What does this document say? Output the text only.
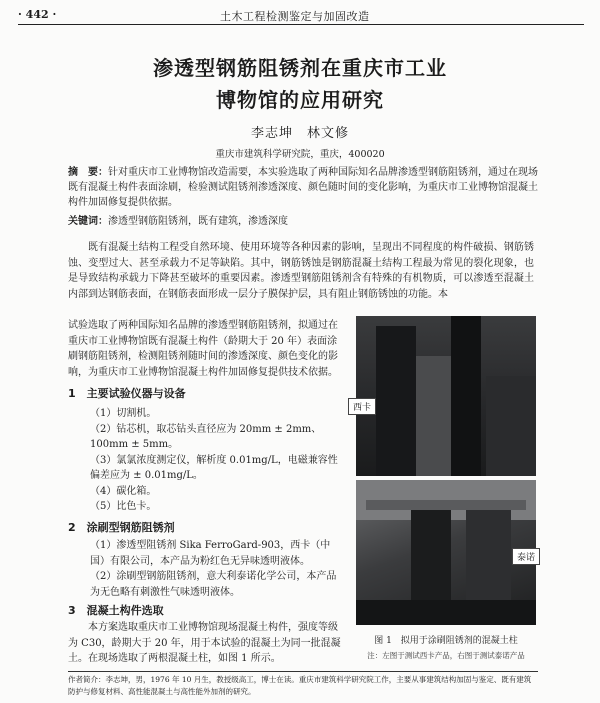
· 442 ·	土木工程检测鉴定与加固改造
渗透型钢筋阻锈剂在重庆市工业
博物馆的应用研究
李志坤　林文修
重庆市建筑科学研究院，重庆，400020
摘　要：针对重庆市工业博物馆改造需要，本实验选取了两种国际知名品牌渗透型钢筋阻锈剂，通过在现场既有混凝土构件表面涂刷，检验测试阻锈剂渗透深度、颜色随时间的变化影响，为重庆市工业博物馆混凝土构件加固修复提供依据。
关键词：渗透型钢筋阻锈剂，既有建筑，渗透深度
既有混凝土结构工程受自然环境、使用环境等各种因素的影响，呈现出不同程度的构件破损、钢筋锈蚀、变型过大、甚至承载力不足等缺陷。其中，钢筋锈蚀是钢筋混凝土结构工程最为常见的裂化现象，也是导致结构承载力下降甚至破坏的重要因素。渗透型钢筋阻锈剂含有特殊的有机物质，可以渗透至混凝土内部到达钢筋表面，在钢筋表面形成一层分子膜保护层，具有阻止钢筋锈蚀的功能。本
试验选取了两种国际知名品牌的渗透型钢筋阻锈剂，拟通过在重庆市工业博物馆既有混凝土构件（龄期大于 20 年）表面涂刷钢筋阻锈剂，检测阻锈剂随时间的渗透深度、颜色变化的影响，为重庆市工业博物馆混凝土构件加固修复提供技术依据。
1　主要试验仪器与设备
（1）切割机。
（2）钻芯机，取芯钻头直径应为 20mm ± 2mm、100mm ± 5mm。
（3）氯氯浓度测定仪，解析度 0.01mg/L，电磁兼容性偏差应为 ± 0.01mg/L。
（4）碳化箱。
（5）比色卡。
2　涂刷型钢筋阻锈剂
（1）渗透型阻锈剂 Sika FerroGard-903，西卡（中国）有限公司，本产品为粉红色无异味透明液体。
（2）涂刷型钢筋阻锈剂，意大利泰诺化学公司，本产品为无色略有刺激性气味透明液体。
3　混凝土构件选取
本方案选取重庆市工业博物馆现场混凝土构件，强度等级为 C30，龄期大于 20 年，用于本试验的混凝土为同一批混凝土。在现场选取了两根混凝土柱，如图 1 所示。
西卡
泰诺
图 1　拟用于涂刷阻锈剂的混凝土柱
注：左图于测试西卡产品，右图于测试泰诺产品
作者简介：李志坤，男，1976 年 10 月生，教授级高工，博士在读。重庆市建筑科学研究院工作，主要从事建筑结构加固与鉴定、既有建筑防护与修复材料、高性能混凝土与高性能外加剂的研究。
